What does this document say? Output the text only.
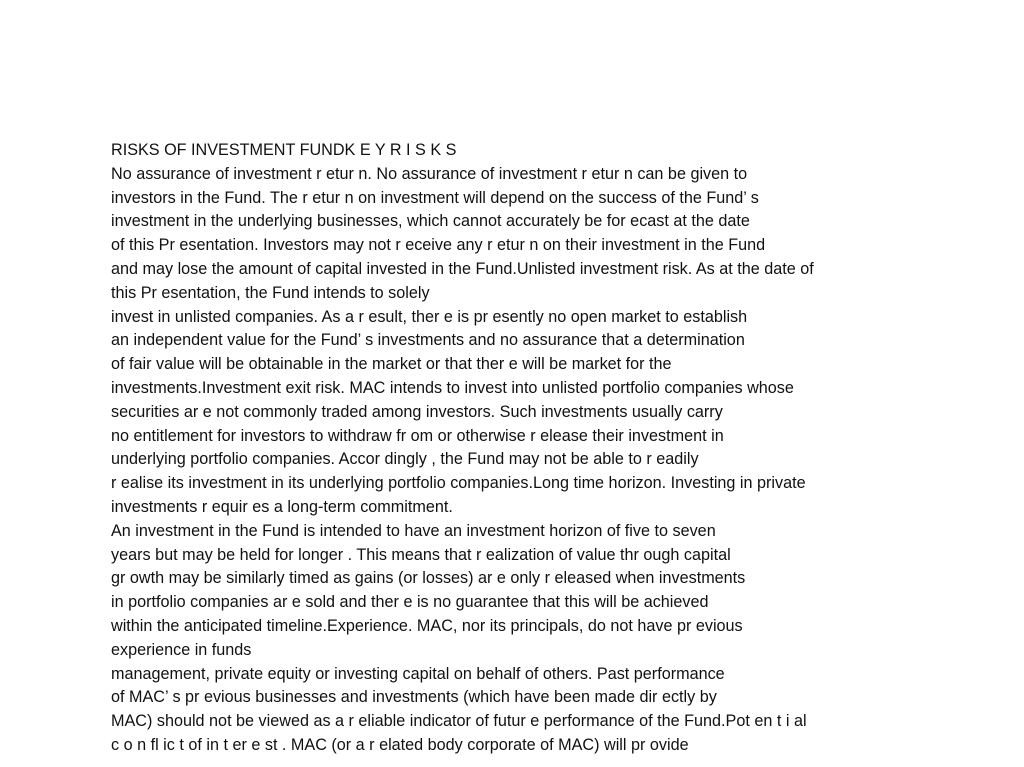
RISKS OF INVESTMENT FUNDK E Y R I S K S
No assurance of investment r etur n. No assurance of investment r etur n can be given to
investors in the Fund. The r etur n on investment will depend on the success of the Fund’ s
investment in the underlying businesses, which cannot accurately be for ecast at the date
of this Pr esentation. Investors may not r eceive any r etur n on their investment in the Fund
and may lose the amount of capital invested in the Fund.Unlisted investment risk. As at the date of
this Pr esentation, the Fund intends to solely
invest in unlisted companies. As a r esult, ther e is pr esently no open market to establish
an independent value for the Fund’ s investments and no assurance that a determination
of fair value will be obtainable in the market or that ther e will be market for the
investments.Investment exit risk. MAC intends to invest into unlisted portfolio companies whose
securities ar e not commonly traded among investors. Such investments usually carry
no entitlement for investors to withdraw fr om or otherwise r elease their investment in
underlying portfolio companies. Accor dingly , the Fund may not be able to r eadily
r ealise its investment in its underlying portfolio companies.Long time horizon. Investing in private
investments r equir es a long-term commitment.
An investment in the Fund is intended to have an investment horizon of five to seven
years but may be held for longer . This means that r ealization of value thr ough capital
gr owth may be similarly timed as gains (or losses) ar e only r eleased when investments
in portfolio companies ar e sold and ther e is no guarantee that this will be achieved
within the anticipated timeline.Experience. MAC, nor its principals, do not have pr evious
experience in funds
management, private equity or investing capital on behalf of others. Past performance
of MAC’ s pr evious businesses and investments (which have been made dir ectly by
MAC) should not be viewed as a r eliable indicator of futur e performance of the Fund.Pot en t i al
c o n fl ic t of in t er e st . MAC (or a r elated body corporate of MAC) will pr ovide
